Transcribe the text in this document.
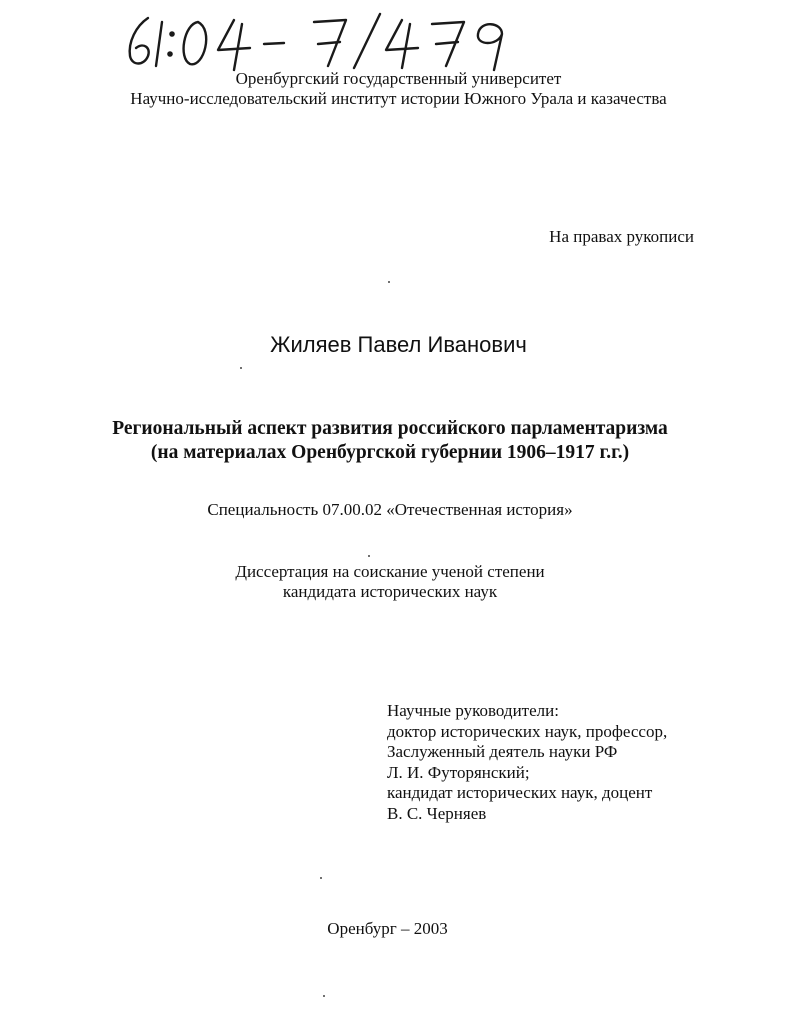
Оренбургский государственный университет
Научно-исследовательский институт истории Южного Урала и казачества
На правах рукописи
Жиляев Павел Иванович
Региональный аспект развития российского парламентаризма
(на материалах Оренбургской губернии 1906–1917 г.г.)
Специальность 07.00.02 «Отечественная история»
Диссертация на соискание ученой степени
кандидата исторических наук
Научные руководители:
доктор исторических наук, профессор,
Заслуженный деятель науки РФ
Л. И. Футорянский;
кандидат исторических наук, доцент
В. С. Черняев
Оренбург – 2003
